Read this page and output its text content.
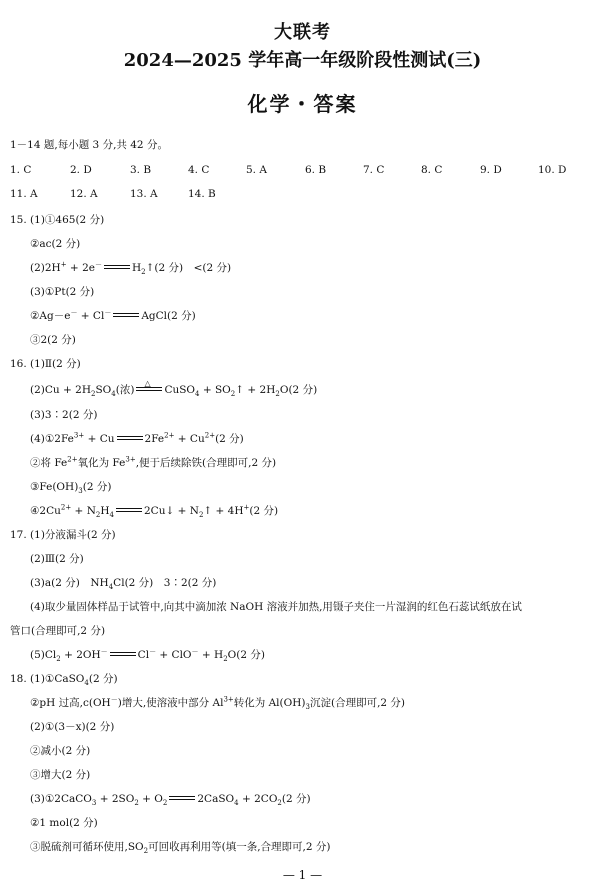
大联考
2024—2025 学年高一年级阶段性测试(三)
化学・答案
1－14 题,每小题 3 分,共 42 分。
1. C	2. D	3. B	4. C	5. A	6. B	7. C	8. C	9. D	10. D
11. A	12. A	13. A	14. B
15. (1)①465(2 分)
②ac(2 分)
(2)2H+ + 2e－	$H_2↑(2$ 分)　<(2 分)
(3)①Pt(2 分)
②Ag－e－ + Cl－	AgCl(2 分)
③2(2 分)
16. (1)Ⅱ(2 分)
$(2)Cu + 2H_2SO_4$(浓)
△
CuSO$_4$ + $SO_2↑ + 2H_2O(2$ 分)
(3)3∶2(2 分)
$(4)①2Fe^{3+} + Cu$	$2Fe^{2+} + Cu^{2+}(2$ 分)
②将 $Fe^{2+}$氧化为 $Fe^{3+}$,便于后续除铁(合理即可,2 分)
$③Fe(OH)_3(2$ 分)
$④2Cu^{2+} + N_2H_4$	2Cu↓ + $N_2↑ + 4H^+(2$ 分)
17. (1)分液漏斗(2 分)
(2)Ⅲ(2 分)
(3)a(2 分)　$NH_4Cl(2$ 分)　3∶2(2 分)
(4)取少量固体样品于试管中,向其中滴加浓 NaOH 溶液并加热,用镊子夹住一片湿润的红色石蕊试纸放在试
管口(合理即可,2 分)
$(5)Cl_2 + 2OH^-$	$Cl^- + ClO^- + H_2O(2$ 分)
18. (1)①CaSO$_4$(2 分)
②pH 过高,c(OH－)增大,使溶液中部分 $Al^{3+}$转化为 $Al(OH)_3$沉淀(合理即可,2 分)
(2)①(3－x)(2 分)
②减小(2 分)
③增大(2 分)
(3)①2CaCO$_3$ + $2SO_2 + O_2$	2CaSO$_4$ + $2CO_2(2$ 分)
②1 mol(2 分)
③脱硫剂可循环使用$,SO_2$可回收再利用等(填一条,合理即可,2 分)
— 1 —
